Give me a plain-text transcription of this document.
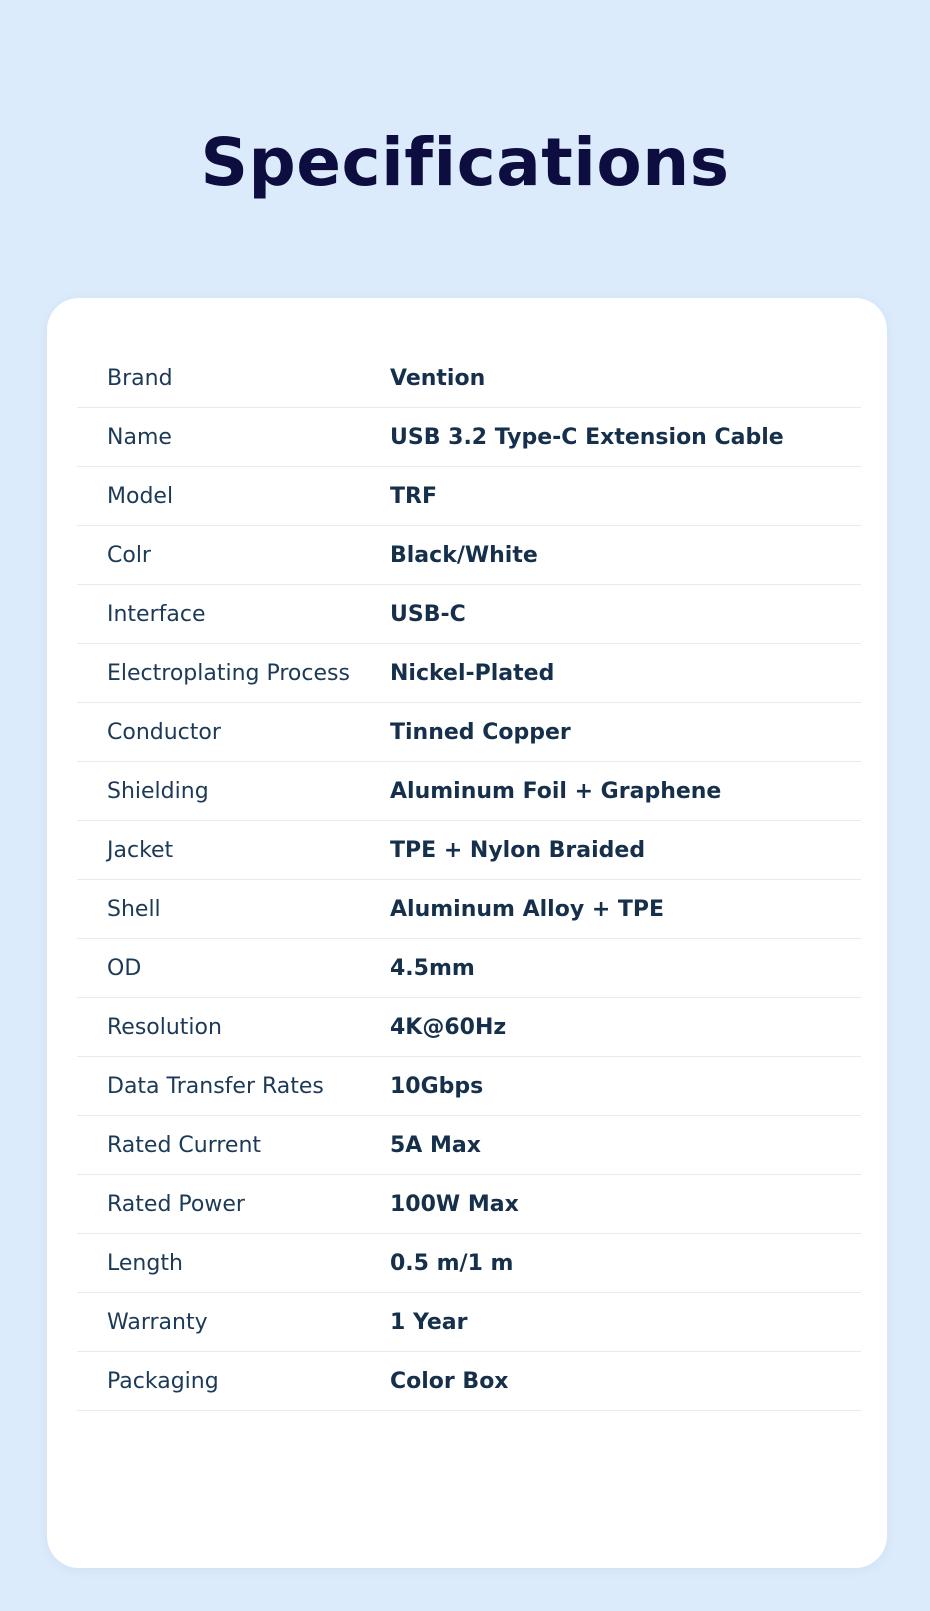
Specifications
Brand	Vention
Name	USB 3.2 Type-C Extension Cable
Model	TRF
Colr	Black/White
Interface	USB-C
Electroplating Process	Nickel-Plated
Conductor	Tinned Copper
Shielding	Aluminum Foil + Graphene
Jacket	TPE + Nylon Braided
Shell	Aluminum Alloy + TPE
OD	4.5mm
Resolution	4K@60Hz
Data Transfer Rates	10Gbps
Rated Current	5A Max
Rated Power	100W Max
Length	0.5 m/1 m
Warranty	1 Year
Packaging	Color Box
